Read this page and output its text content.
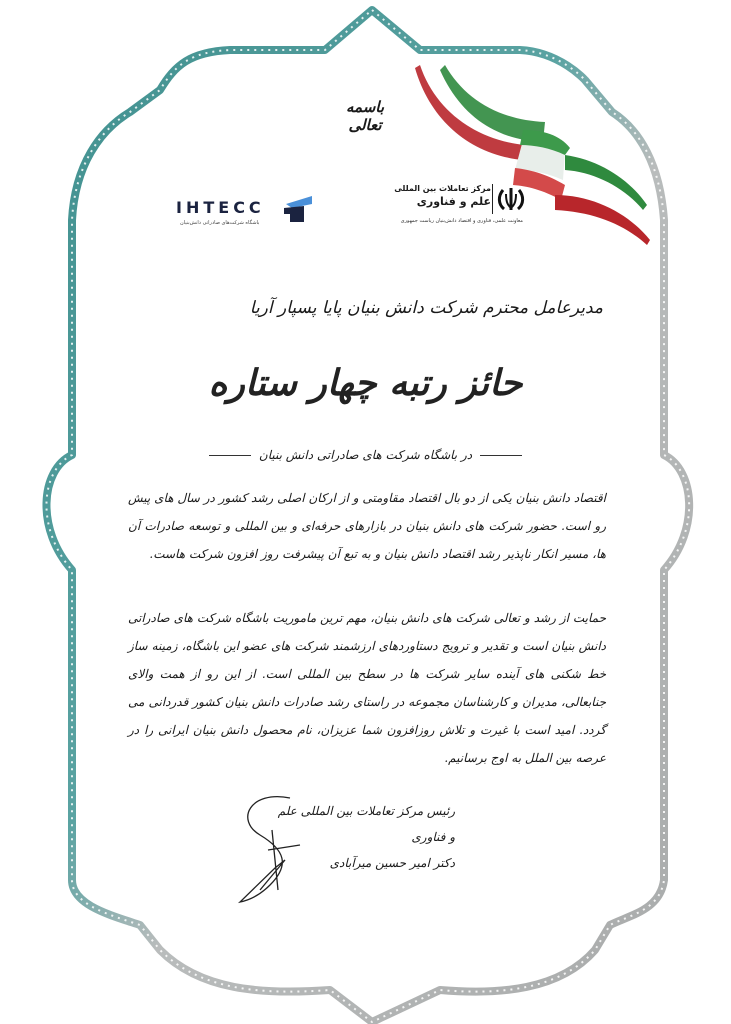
باسمه تعالی
IHTECC
باشگاه شرکت‌های صادراتی دانش‌بنیان
مرکز تعاملات بین المللی
علم و فناوری
معاونت علمی، فناوری و اقتصاد دانش‌بنیان ریاست جمهوری
مدیرعامل محترم شرکت دانش بنیان پایا پسپار آریا
حائز رتبه چهار ستاره
در باشگاه شرکت های صادراتی دانش بنیان
اقتصاد دانش بنیان یکی از دو بال اقتصاد مقاومتی و از ارکان اصلی رشد کشور در سال های پیش رو است. حضور شرکت های دانش بنیان در بازارهای حرفه‌ای و بین المللی و توسعه صادرات آن ها، مسیر انکار ناپذیر رشد اقتصاد دانش بنیان و به تبع آن پیشرفت روز افزون شرکت هاست.
حمایت از رشد و تعالی شرکت های دانش بنیان، مهم ترین ماموریت باشگاه شرکت های صادراتی دانش بنیان است و تقدیر و ترویج دستاوردهای ارزشمند شرکت های عضو این باشگاه، زمینه ساز خط شکنی های آینده سایر شرکت ها در سطح بین المللی است. از این رو از همت والای جنابعالی، مدیران و کارشناسان مجموعه در راستای رشد صادرات دانش بنیان کشور قدردانی می گردد. امید است با غیرت و تلاش روزافزون شما عزیزان، نام محصول دانش بنیان ایرانی را در عرصه بین الملل به اوج برسانیم.
رئیس مرکز تعاملات بین المللی علم و فناوری
دکتر امیر حسین میرآبادی
